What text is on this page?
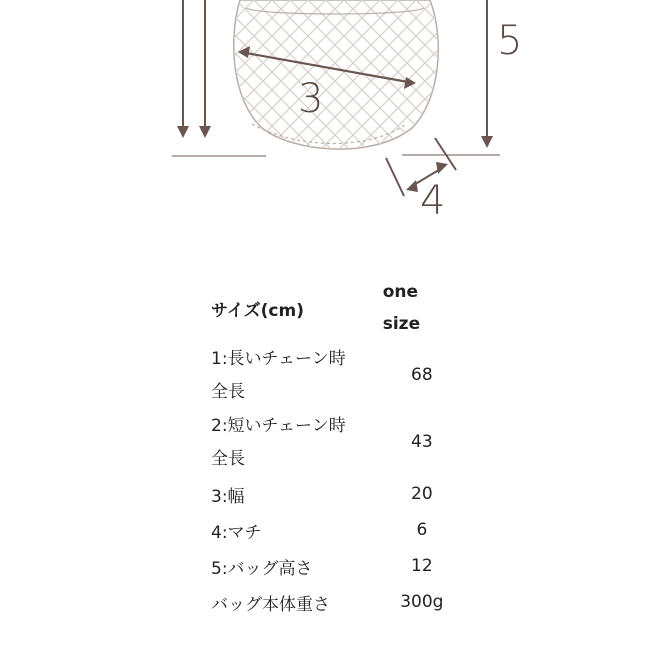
3
5
4
サイズ(cm)	one
size
1:長いチェーン時
全長	68
2:短いチェーン時
全長	43
3:幅	20
4:マチ	6
5:バッグ高さ	12
バッグ本体重さ	300g
